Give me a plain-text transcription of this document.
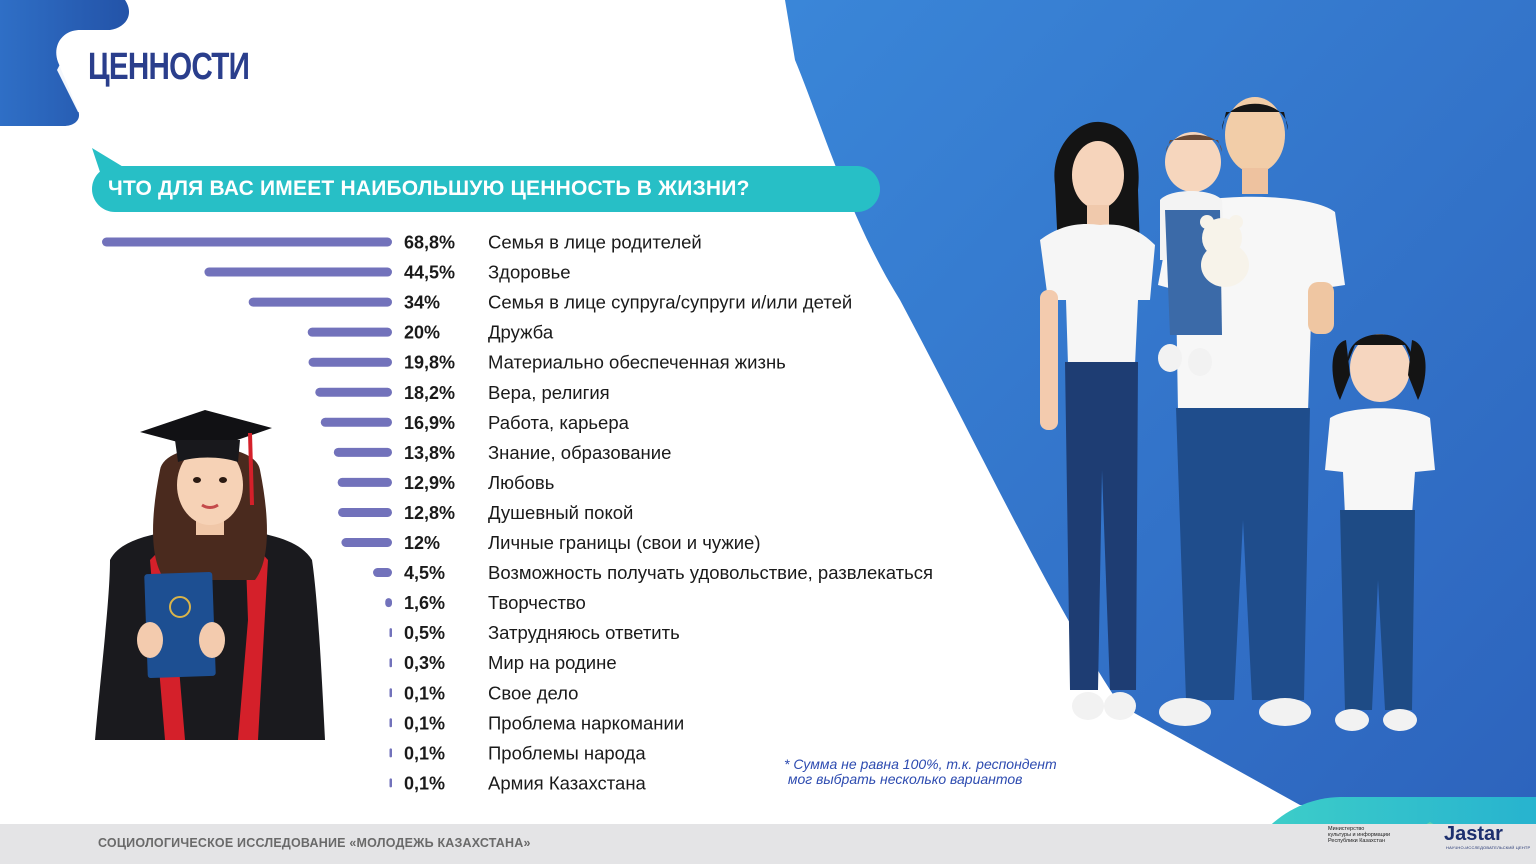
ЦЕННОСТИ
ЧТО ДЛЯ ВАС ИМЕЕТ НАИБОЛЬШУЮ ЦЕННОСТЬ В ЖИЗНИ?
68,8% Семья в лице родителей
44,5% Здоровье
34%	Семья в лице супруга/супруги и/или детей
20%	Дружба
19,8% Материально обеспеченная жизнь
18,2% Вера, религия
16,9% Работа, карьера
13,8% Знание, образование
12,9% Любовь
12,8% Душевный покой
12%	Личные границы (свои и чужие)
4,5% Возможность получать удовольствие, развлекаться
1,6% Творчество
0,5% Затрудняюсь ответить
0,3% Мир на родине
0,1% Свое дело
0,1% Проблема наркомании
0,1% Проблемы народа
0,1% Армия Казахстана
* Сумма не равна 100%, т.к. респондент
мог выбрать несколько вариантов
СОЦИОЛОГИЧЕСКОЕ ИССЛЕДОВАНИЕ «МОЛОДЕЖЬ КАЗАХСТАНА»
Министерство
культуры и информации
Республики Казахстан	Jastar
НАУЧНО-ИССЛЕДОВАТЕЛЬСКИЙ ЦЕНТР
